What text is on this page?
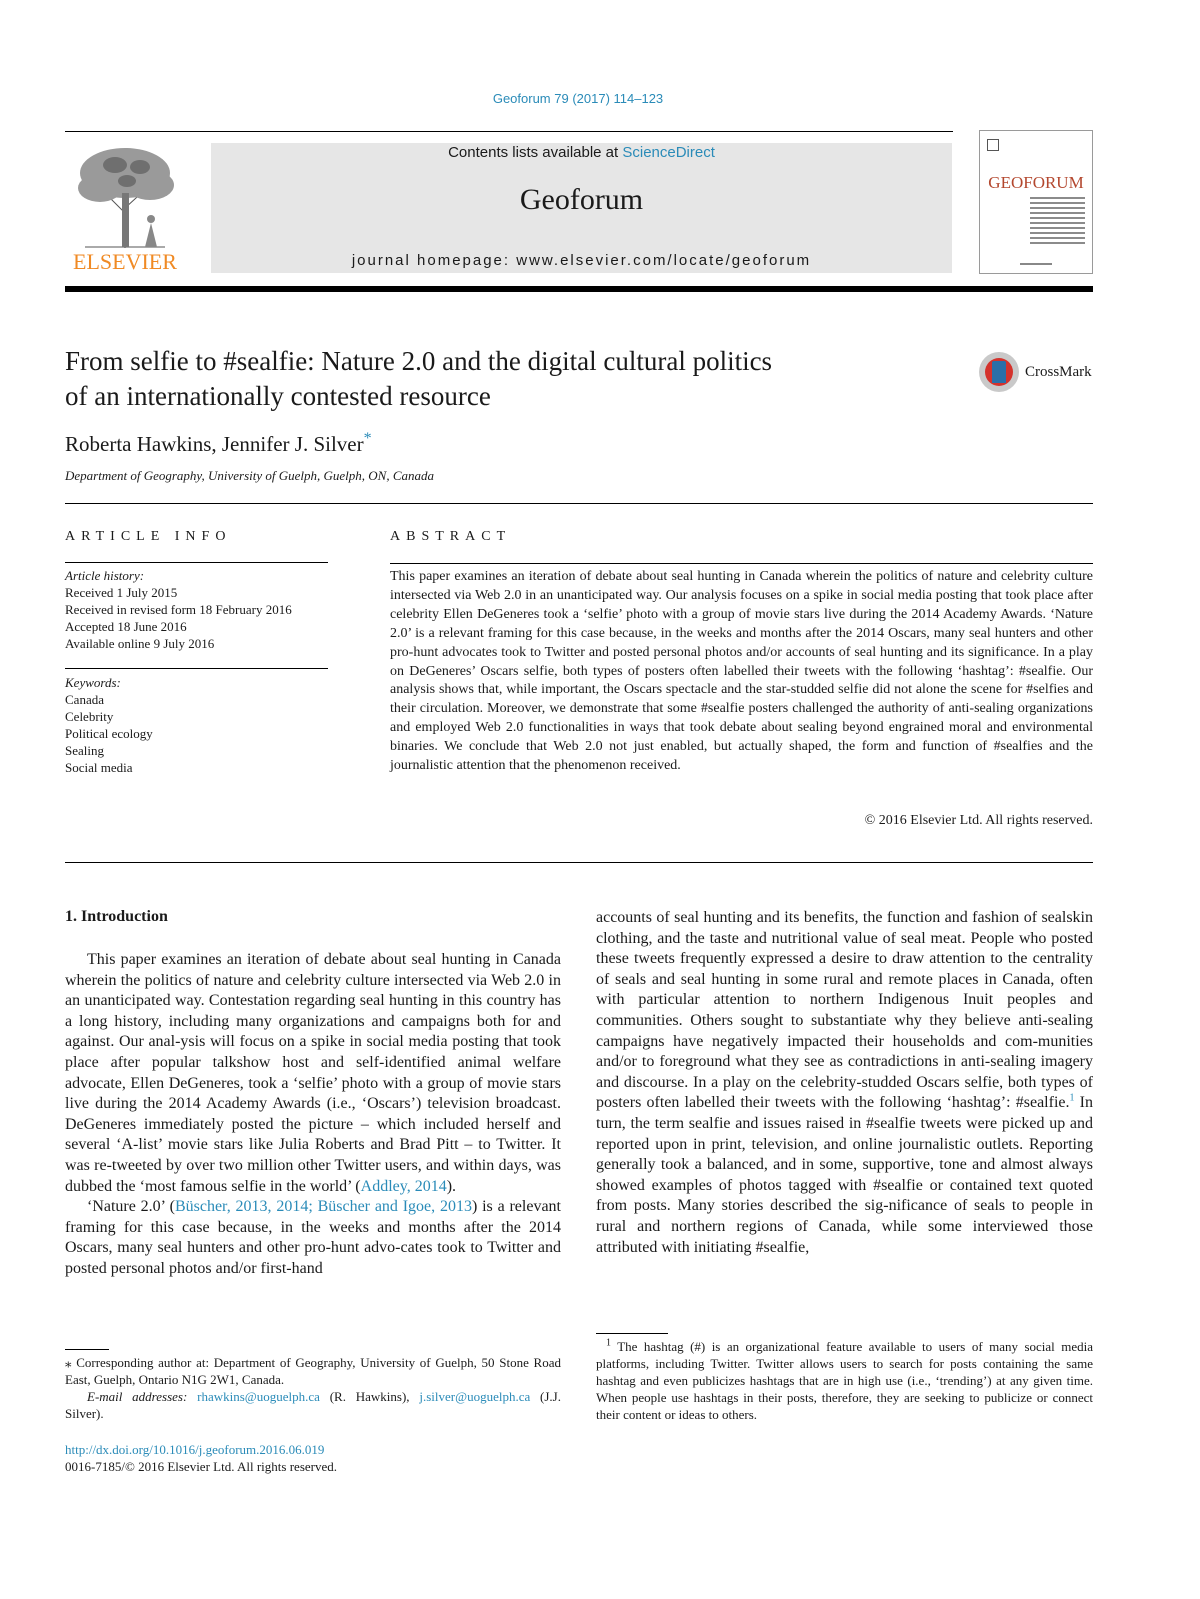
Geoforum 79 (2017) 114–123
ELSEVIER
Contents lists available at ScienceDirect
Geoforum
journal homepage: www.elsevier.com/locate/geoforum
GEOFORUM
From selfie to #sealfie: Nature 2.0 and the digital cultural politics
of an internationally contested resource
CrossMark
Roberta Hawkins, Jennifer J. Silver*
Department of Geography, University of Guelph, Guelph, ON, Canada
ARTICLE INFO
Article history:
Received 1 July 2015
Received in revised form 18 February 2016
Accepted 18 June 2016
Available online 9 July 2016
Keywords:
Canada
Celebrity
Political ecology
Sealing
Social media
ABSTRACT
This paper examines an iteration of debate about seal hunting in Canada wherein the politics of nature and celebrity culture intersected via Web 2.0 in an unanticipated way. Our analysis focuses on a spike in social media posting that took place after celebrity Ellen DeGeneres took a ‘selfie’ photo with a group of movie stars live during the 2014 Academy Awards. ‘Nature 2.0’ is a relevant framing for this case because, in the weeks and months after the 2014 Oscars, many seal hunters and other pro-hunt advocates took to Twitter and posted personal photos and/or accounts of seal hunting and its significance. In a play on DeGeneres’ Oscars selfie, both types of posters often labelled their tweets with the following ‘hashtag’: #sealfie. Our analysis shows that, while important, the Oscars spectacle and the star-studded selfie did not alone the scene for #selfies and their circulation. Moreover, we demonstrate that some #sealfie posters challenged the authority of anti-sealing organizations and employed Web 2.0 functionalities in ways that took debate about sealing beyond engrained moral and environmental binaries. We conclude that Web 2.0 not just enabled, but actually shaped, the form and function of #sealfies and the journalistic attention that the phenomenon received.
© 2016 Elsevier Ltd. All rights reserved.
1. Introduction

This paper examines an iteration of debate about seal hunting in Canada wherein the politics of nature and celebrity culture intersected via Web 2.0 in an unanticipated way. Contestation regarding seal hunting in this country has a long history, including many organizations and campaigns both for and against. Our anal-ysis will focus on a spike in social media posting that took place after popular talkshow host and self-identified animal welfare advocate, Ellen DeGeneres, took a ‘selfie’ photo with a group of movie stars live during the 2014 Academy Awards (i.e., ‘Oscars’) television broadcast. DeGeneres immediately posted the picture – which included herself and several ‘A-list’ movie stars like Julia Roberts and Brad Pitt – to Twitter. It was re-tweeted by over two million other Twitter users, and within days, was dubbed the ‘most famous selfie in the world’ (Addley, 2014).

‘Nature 2.0’ (Büscher, 2013, 2014; Büscher and Igoe, 2013) is a relevant framing for this case because, in the weeks and months after the 2014 Oscars, many seal hunters and other pro-hunt advo-cates took to Twitter and posted personal photos and/or first-hand

accounts of seal hunting and its benefits, the function and fashion of sealskin clothing, and the taste and nutritional value of seal meat. People who posted these tweets frequently expressed a desire to draw attention to the centrality of seals and seal hunting in some rural and remote places in Canada, often with particular attention to northern Indigenous Inuit peoples and communities. Others sought to substantiate why they believe anti-sealing campaigns have negatively impacted their households and com-munities and/or to foreground what they see as contradictions in anti-sealing imagery and discourse. In a play on the celebrity-studded Oscars selfie, both types of posters often labelled their tweets with the following ‘hashtag’: #sealfie.$^1$ In turn, the term sealfie and issues raised in #sealfie tweets were picked up and reported upon in print, television, and online journalistic outlets. Reporting generally took a balanced, and in some, supportive, tone and almost always showed examples of photos tagged with #sealfie or contained text quoted from posts. Many stories described the sig-nificance of seals to people in rural and northern regions of Canada, while some interviewed those attributed with initiating #sealfie,

⁎ Corresponding author at: Department of Geography, University of Guelph, 50 Stone Road East, Guelph, Ontario N1G 2W1, Canada.

E-mail addresses: rhawkins@uoguelph.ca (R. Hawkins), j.silver@uoguelph.ca (J.J. Silver).

$^1$ The hashtag (#) is an organizational feature available to users of many social media platforms, including Twitter. Twitter allows users to search for posts containing the same hashtag and even publicizes hashtags that are in high use (i.e., ‘trending’) at any given time. When people use hashtags in their posts, therefore, they are seeking to publicize or connect their content or ideas to others.

http://dx.doi.org/10.1016/j.geoforum.2016.06.019
0016-7185/© 2016 Elsevier Ltd. All rights reserved.
